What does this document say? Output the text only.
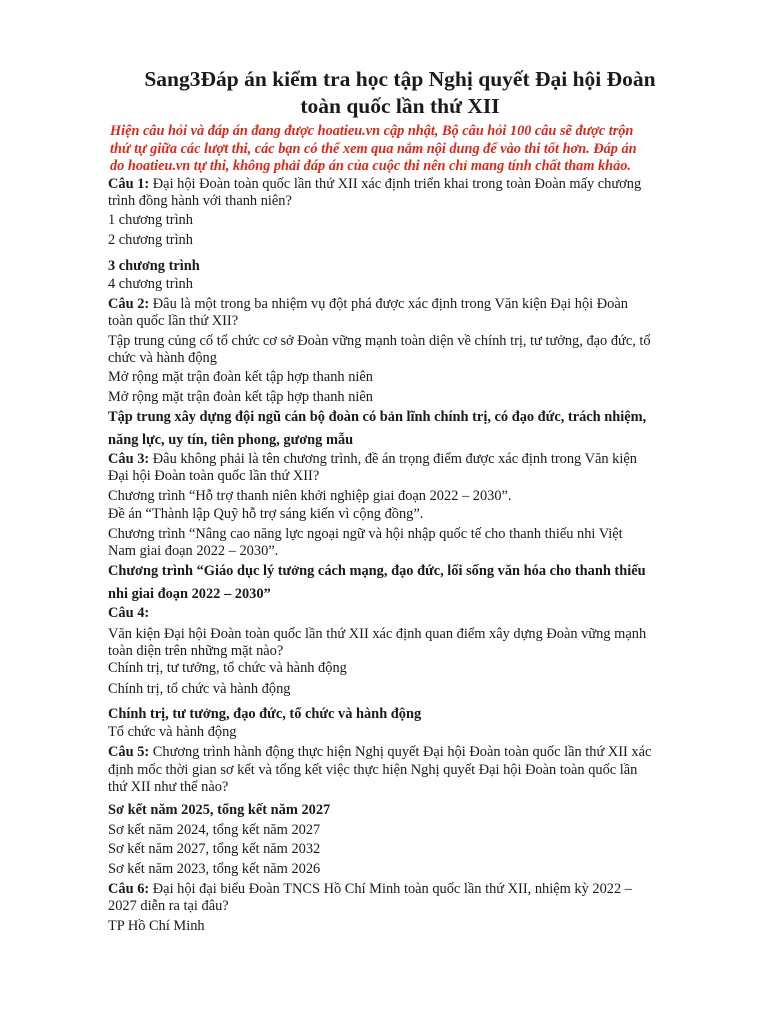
Sang3Đáp án kiểm tra học tập Nghị quyết Đại hội Đoàn
toàn quốc lần thứ XII
Hiện câu hỏi và đáp án đang được hoatieu.vn cập nhật, Bộ câu hỏi 100 câu sẽ được trộn
thứ tự giữa các lượt thi, các bạn có thể xem qua nắm nội dung để vào thi tốt hơn. Đáp án
do hoatieu.vn tự thi, không phải đáp án của cuộc thi nên chỉ mang tính chất tham khảo.

Câu 1: Đại hội Đoàn toàn quốc lần thứ XII xác định triển khai trong toàn Đoàn mấy chương

trình đồng hành với thanh niên?

1 chương trình

2 chương trình

3 chương trình

4 chương trình

Câu 2: Đâu là một trong ba nhiệm vụ đột phá được xác định trong Văn kiện Đại hội Đoàn

toàn quốc lần thứ XII?

Tập trung củng cố tổ chức cơ sở Đoàn vững mạnh toàn diện về chính trị, tư tưởng, đạo đức, tổ

chức và hành động

Mở rộng mặt trận đoàn kết tập hợp thanh niên

Mở rộng mặt trận đoàn kết tập hợp thanh niên

Tập trung xây dựng đội ngũ cán bộ đoàn có bản lĩnh chính trị, có đạo đức, trách nhiệm,

năng lực, uy tín, tiên phong, gương mẫu

Câu 3: Đâu không phải là tên chương trình, đề án trọng điểm được xác định trong Văn kiện

Đại hội Đoàn toàn quốc lần thứ XII?

Chương trình “Hỗ trợ thanh niên khởi nghiệp giai đoạn 2022 – 2030”.

Đề án “Thành lập Quỹ hỗ trợ sáng kiến vì cộng đồng”.

Chương trình “Nâng cao năng lực ngoại ngữ và hội nhập quốc tế cho thanh thiếu nhi Việt

Nam giai đoạn 2022 – 2030”.

Chương trình “Giáo dục lý tưởng cách mạng, đạo đức, lối sống văn hóa cho thanh thiếu

nhi giai đoạn 2022 – 2030”

Câu 4:

Văn kiện Đại hội Đoàn toàn quốc lần thứ XII xác định quan điểm xây dựng Đoàn vững mạnh

toàn diện trên những mặt nào?

Chính trị, tư tưởng, tổ chức và hành động

Chính trị, tổ chức và hành động

Chính trị, tư tưởng, đạo đức, tổ chức và hành động

Tổ chức và hành động

Câu 5: Chương trình hành động thực hiện Nghị quyết Đại hội Đoàn toàn quốc lần thứ XII xác

định mốc thời gian sơ kết và tổng kết việc thực hiện Nghị quyết Đại hội Đoàn toàn quốc lần

thứ XII như thế nào?

Sơ kết năm 2025, tổng kết năm 2027

Sơ kết năm 2024, tổng kết năm 2027

Sơ kết năm 2027, tổng kết năm 2032

Sơ kết năm 2023, tổng kết năm 2026

Câu 6: Đại hội đại biểu Đoàn TNCS Hồ Chí Minh toàn quốc lần thứ XII, nhiệm kỳ 2022 –

2027 diễn ra tại đâu?

TP Hồ Chí Minh
